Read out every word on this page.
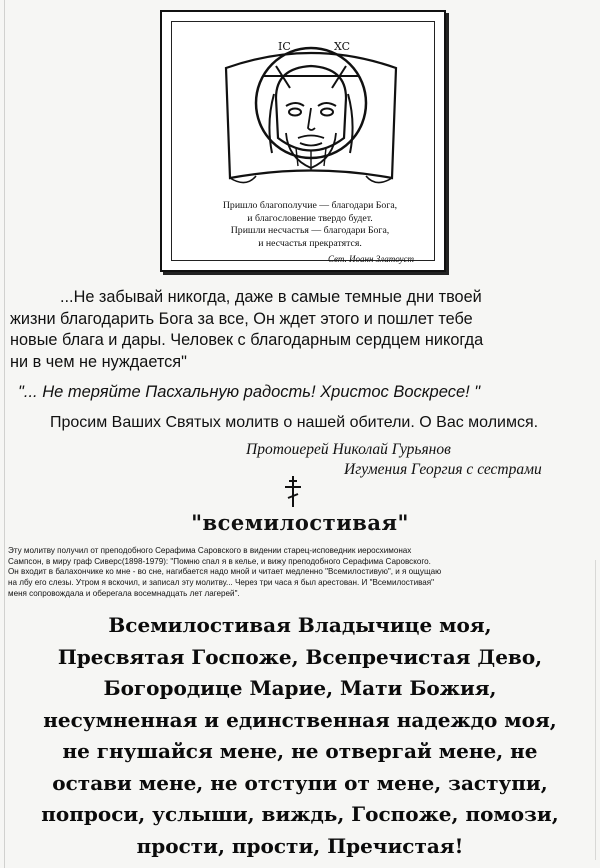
IC	XC
Пришло благополучие — благодари Бога,
и благословение твердо будет.
Пришли несчастья — благодари Бога,
и несчастья прекратятся.
Свт. Иоанн Златоуст
...Не забывай никогда, даже в самые темные дни твоей
жизни благодарить Бога за все, Он ждет этого и пошлет тебе
новые блага и дары. Человек с благодарным сердцем никогда
ни в чем не нуждается"
"... Не теряйте Пасхальную радость! Христос Воскресе! "
Просим Ваших Святых молитв о нашей обители. О Вас молимся.
Протоиерей Николай Гурьянов
Игумения Георгия с сестрами
"всемилостивая"
Эту молитву получил от преподобного Серафима Саровского в видении старец-исповедник иеросхимонах
Сампсон, в миру граф Сиверс(1898-1979): "Помню спал я в келье, и вижу преподобного Серафима Саровского.
Он входит в балахончике ко мне - во сне, нагибается надо мной и читает медленно "Всемилостивую", и я ощущаю
на лбу его слезы. Утром я вскочил, и записал эту молитву... Через три часа я был арестован. И "Всемилостивая"
меня сопровождала и оберегала восемнадцать лет лагерей".
Всемилостивая Владычице моя,
Пресвятая Госпоже, Всепречистая Дево,
Богородице Марие, Мати Божия,
несумненная и единственная надеждо моя,
не гнушайся мене, не отвергай мене, не
остави мене, не отступи от мене, заступи,
попроси, услыши, виждь, Госпоже, помози,
прости, прости, Пречистая!
